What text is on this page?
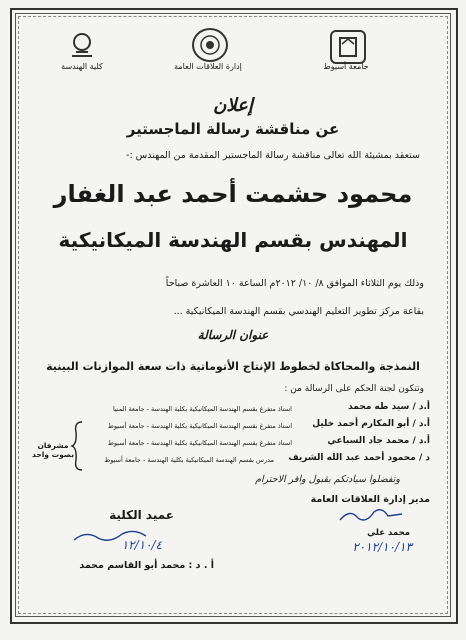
جامعة أسيوط
إدارة العلاقات العامة
كلية الهندسة
إعلان
عن مناقشة رسالة الماجستير
ستعقد بمشيئة الله تعالى مناقشة رسالة الماجستير المقدمة من المهندس :-
محمود حشمت أحمد عبد الغفار
المهندس بقسم الهندسة الميكانيكية
وذلك يوم الثلاثاء الموافق ٨/ ١٠/ ٢٠١٢م الساعة ١٠ العاشرة صباحاً
بقاعة مركز تطوير التعليم الهندسي بقسم الهندسة الميكانيكية ...
عنوان الرسالة
النمذجة والمحاكاة لخطوط الإنتاج الأتوماتية ذات سعة الموازنات البينية
وتتكون لجنة الحكم على الرسالة من :
أ.د / سيد طه محمد
استاذ متفرغ بقسم الهندسة الميكانيكية بكلية الهندسة - جامعة المنيا
أ.د / أبو المكارم أحمد خليل
استاذ متفرغ بقسم الهندسة الميكانيكية بكلية الهندسة - جامعة أسيوط
أ.د / محمد جاد السباعي
استاذ متفرغ بقسم الهندسة الميكانيكية بكلية الهندسة - جامعة أسيوط
د / محمود أحمد عبد الله الشريف
مدرس بقسم الهندسة الميكانيكية بكلية الهندسة - جامعة أسيوط
مشرفان بصوت واحد
وتفضلوا سيادتكم بقبول وافر الاحترام
مدير إدارة العلاقات العامة
محمد علي
٢٠١٢/١٠/١٣
عميد الكلية
١٢/١٠/٤
أ . د : محمد أبو القاسم محمد
